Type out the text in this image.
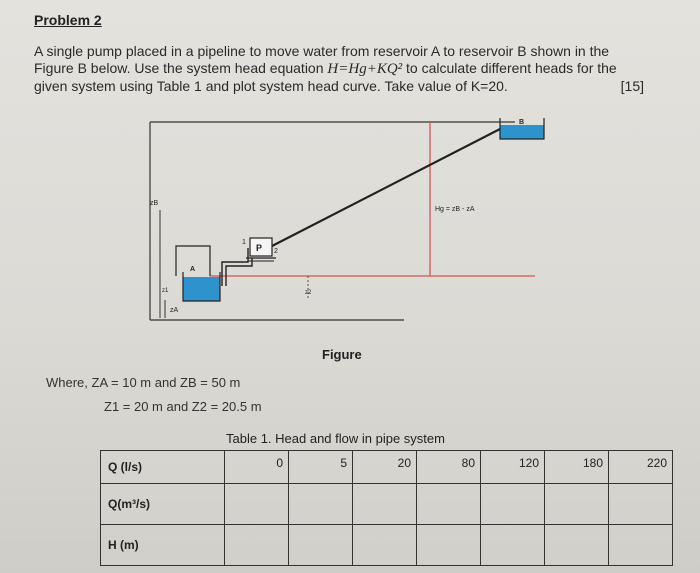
Problem 2
A single pump placed in a pipeline to move water from reservoir A to reservoir B shown in the
Figure B below. Use the system head equation H=Hg+KQ² to calculate different heads for the
given system using Table 1 and plot system head curve. Take value of K=20.	[15]
B
A
P
1
2
zB
zA
z1	z2
Hg = zB - zA
Figure
Where, ZA = 10 m and ZB = 50 m
Z1 = 20 m and Z2 = 20.5 m
Table 1. Head and flow in pipe system
Q (l/s)	0	5	20	80	120	180	220
Q(m³/s)							
H (m)							
